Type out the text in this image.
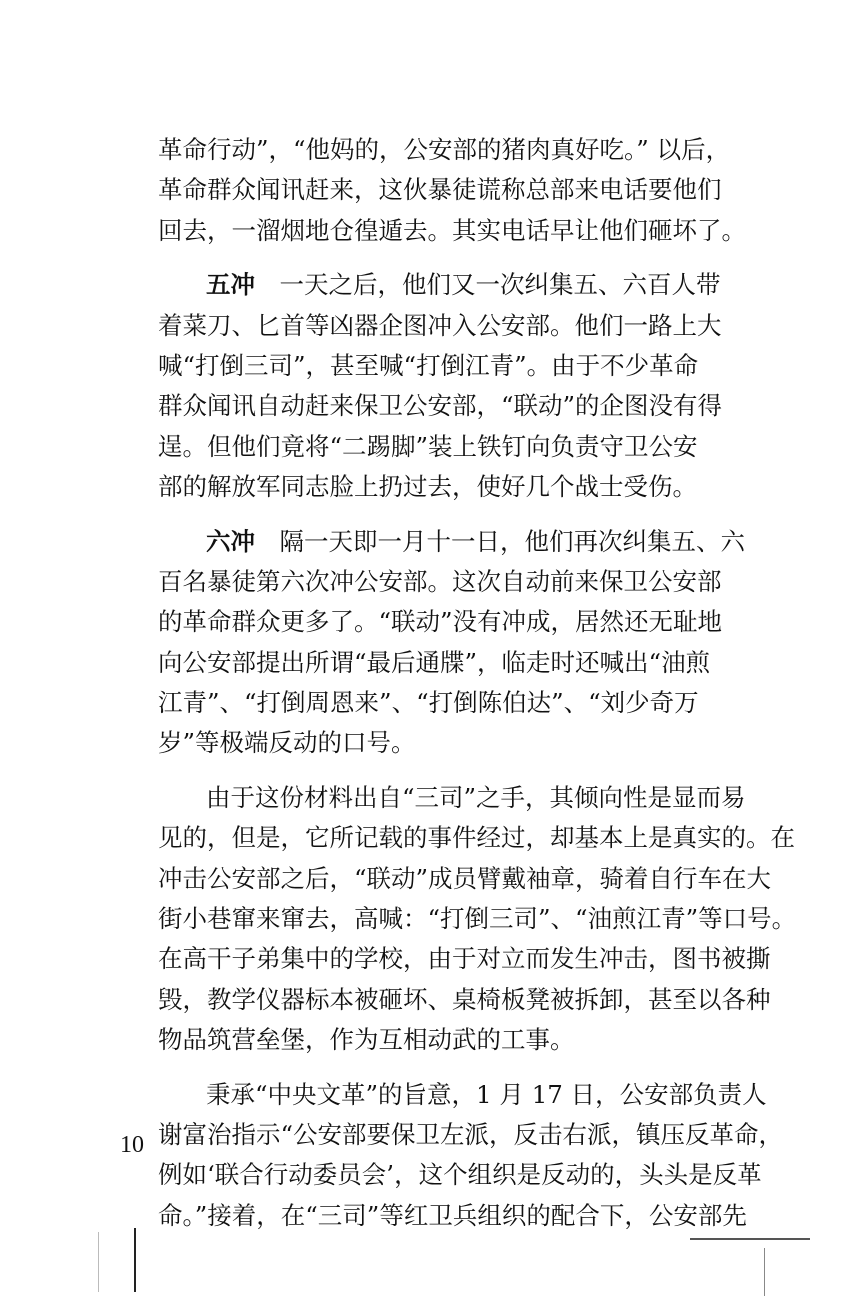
革命行动”，“他妈的，公安部的猪肉真好吃。” 以后，
革命群众闻讯赶来，这伙暴徒谎称总部来电话要他们
回去，一溜烟地仓徨遁去。其实电话早让他们砸坏了。

五冲　一天之后，他们又一次纠集五、六百人带
着菜刀、匕首等凶器企图冲入公安部。他们一路上大
喊“打倒三司”，甚至喊“打倒江青”。由于不少革命
群众闻讯自动赶来保卫公安部，“联动”的企图没有得
逞。但他们竟将“二踢脚”装上铁钉向负责守卫公安
部的解放军同志脸上扔过去，使好几个战士受伤。

六冲　隔一天即一月十一日，他们再次纠集五、六
百名暴徒第六次冲公安部。这次自动前来保卫公安部
的革命群众更多了。“联动”没有冲成，居然还无耻地
向公安部提出所谓“最后通牒”，临走时还喊出“油煎
江青”、“打倒周恩来”、“打倒陈伯达”、“刘少奇万
岁”等极端反动的口号。

由于这份材料出自“三司”之手，其倾向性是显而易
见的，但是，它所记载的事件经过，却基本上是真实的。在
冲击公安部之后，“联动”成员臂戴袖章，骑着自行车在大
街小巷窜来窜去，高喊：“打倒三司”、“油煎江青”等口号。
在高干子弟集中的学校，由于对立而发生冲击，图书被撕
毁，教学仪器标本被砸坏、桌椅板凳被拆卸，甚至以各种
物品筑营垒堡，作为互相动武的工事。

秉承“中央文革”的旨意，1 月 17 日，公安部负责人
谢富治指示“公安部要保卫左派，反击右派，镇压反革命，
例如‘联合行动委员会’，这个组织是反动的，头头是反革
命。”接着，在“三司”等红卫兵组织的配合下，公安部先

10
